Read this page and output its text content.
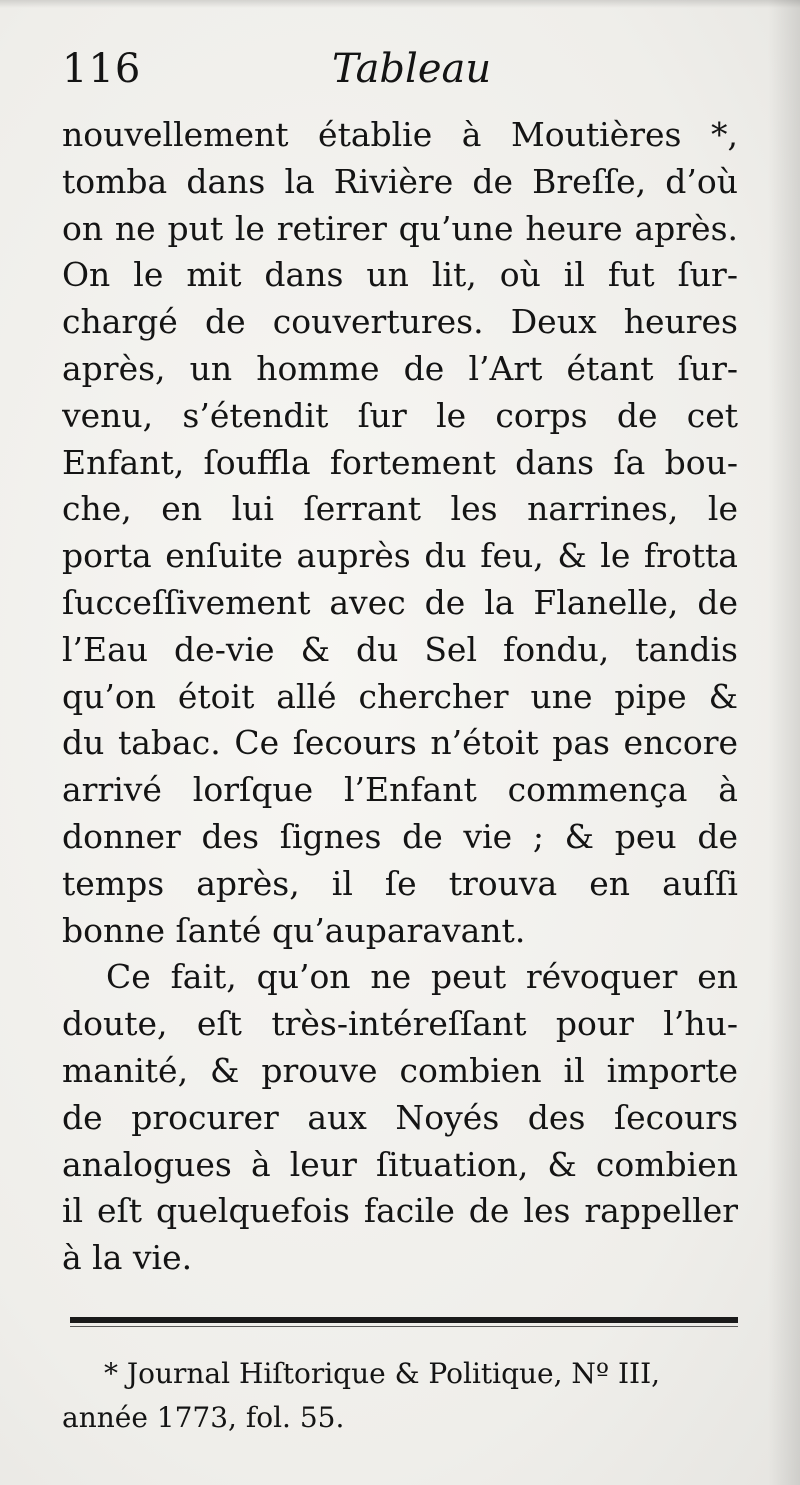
116	Tableau
nouvellement établie à Moutières *,
tomba dans la Rivière de Breſſe, d’où
on ne put le retirer qu’une heure après.
On le mit dans un lit, où il fut ſur-
chargé de couvertures. Deux heures
après, un homme de l’Art étant ſur-
venu, s’étendit ſur le corps de cet
Enfant, ſouffla fortement dans ſa bou-
che, en lui ſerrant les narrines, le
porta enſuite auprès du feu, & le frotta
ſucceſſivement avec de la Flanelle, de
l’Eau de-vie & du Sel fondu, tandis
qu’on étoit allé chercher une pipe &
du tabac. Ce ſecours n’étoit pas encore
arrivé lorſque l’Enfant commença à
donner des ſignes de vie ; & peu de
temps après, il ſe trouva en auſſi
bonne ſanté qu’auparavant.
Ce fait, qu’on ne peut révoquer en
doute, eſt très-intéreſſant pour l’hu-
manité, & prouve combien il importe
de procurer aux Noyés des ſecours
analogues à leur ſituation, & combien
il eſt quelquefois facile de les rappeller
à la vie.
* Journal Hiſtorique & Politique, Nº III,
année 1773, fol. 55.
